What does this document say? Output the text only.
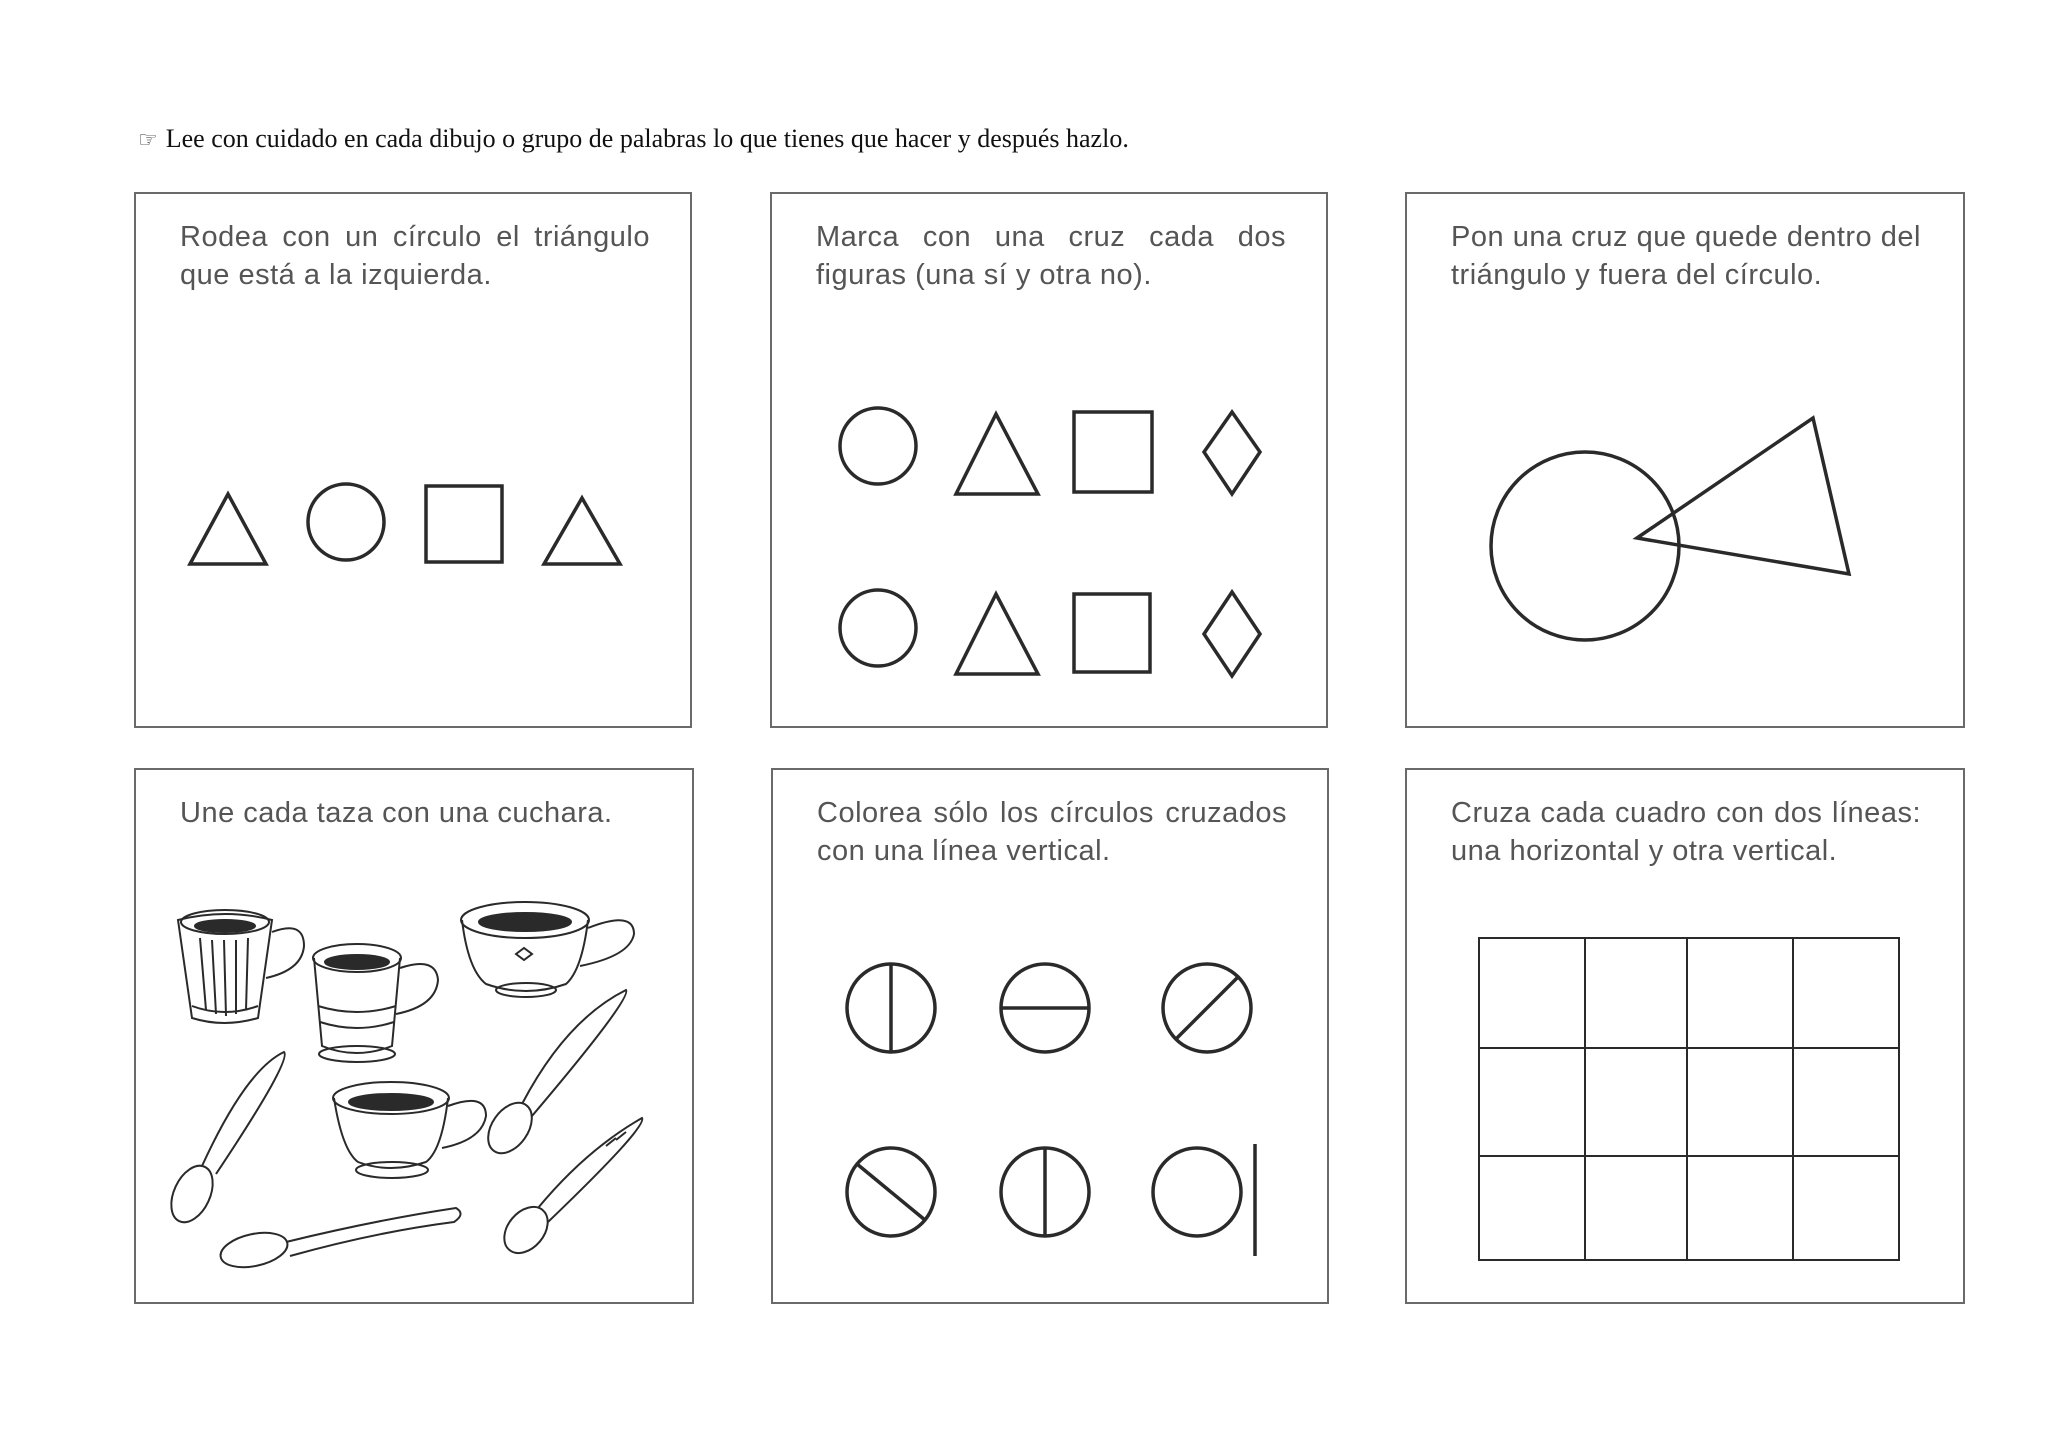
☞ Lee con cuidado en cada dibujo o grupo de palabras lo que tienes que hacer y después hazlo.

Rodea con un círculo el triángulo que está a la izquierda.

Marca con una cruz cada dos figuras (una sí y otra no).

Pon una cruz que quede dentro del triángulo y fuera del círculo.

Une cada taza con una cuchara.	Colorea sólo los círculos cruzados con una línea vertical.

Cruza cada cuadro con dos líneas: una horizontal y otra vertical.
